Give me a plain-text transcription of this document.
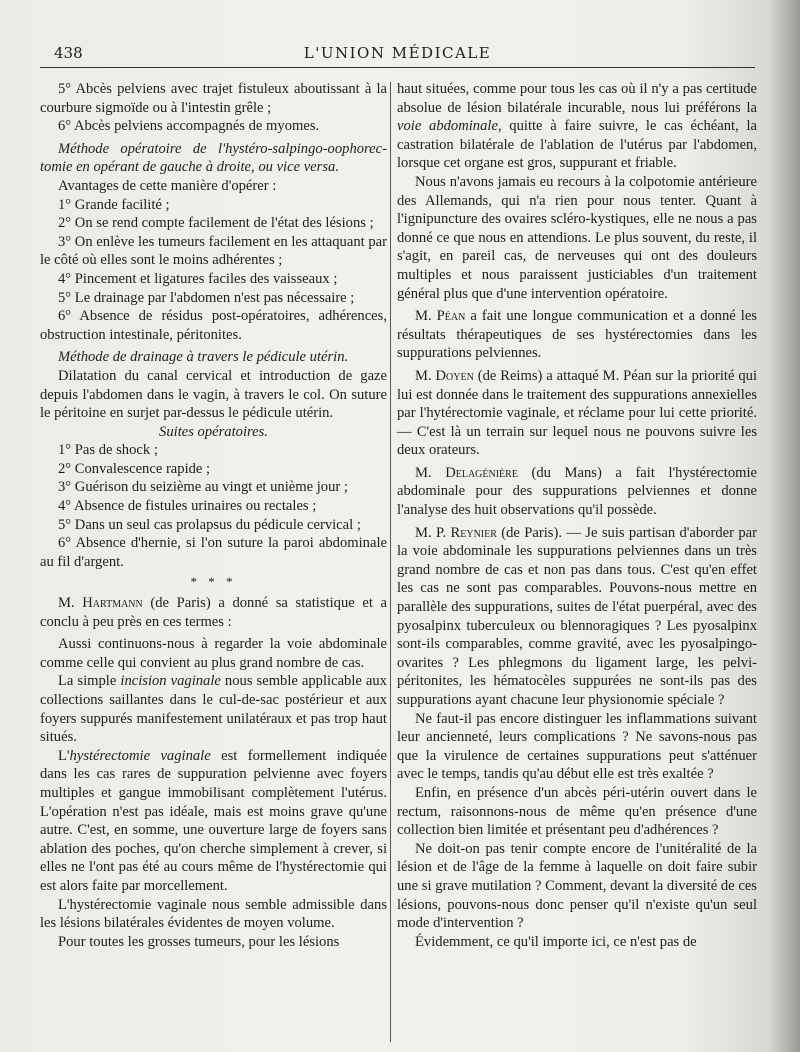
438	L'UNION MÉDICALE

5° Abcès pelviens avec trajet fistuleux aboutissant à la courbure sigmoïde ou à l'intestin grêle ;

6° Abcès pelviens accompagnés de myomes.

Méthode opératoire de l'hystéro-salpingo-oophorec-tomie en opérant de gauche à droite, ou vice versa.

Avantages de cette manière d'opérer :

1° Grande facilité ;

2° On se rend compte facilement de l'état des lésions ;

3° On enlève les tumeurs facilement en les attaquant par le côté où elles sont le moins adhérentes ;

4° Pincement et ligatures faciles des vaisseaux ;

5° Le drainage par l'abdomen n'est pas nécessaire ;

6° Absence de résidus post-opératoires, adhérences, obstruction intestinale, péritonites.

Méthode de drainage à travers le pédicule utérin.

Dilatation du canal cervical et introduction de gaze depuis l'abdomen dans le vagin, à travers le col. On suture le péritoine en surjet par-dessus le pédicule utérin.

Suites opératoires.

1° Pas de shock ;

2° Convalescence rapide ;

3° Guérison du seizième au vingt et unième jour ;

4° Absence de fistules urinaires ou rectales ;

5° Dans un seul cas prolapsus du pédicule cervical ;

6° Absence d'hernie, si l'on suture la paroi abdominale au fil d'argent.

* * *

M. Hartmann (de Paris) a donné sa statistique et a conclu à peu près en ces termes :

Aussi continuons-nous à regarder la voie abdominale comme celle qui convient au plus grand nombre de cas.

La simple incision vaginale nous semble applicable aux collections saillantes dans le cul-de-sac postérieur et aux foyers suppurés manifestement unilatéraux et pas trop haut situés.

L'hystérectomie vaginale est formellement indiquée dans les cas rares de suppuration pelvienne avec foyers multiples et gangue immobilisant complètement l'utérus. L'opération n'est pas idéale, mais est moins grave qu'une autre. C'est, en somme, une ouverture large de foyers sans ablation des poches, qu'on cherche simplement à crever, si elles ne l'ont pas été au cours même de l'hystérectomie qui est alors faite par morcellement.

L'hystérectomie vaginale nous semble admissible dans les lésions bilatérales évidentes de moyen volume.

Pour toutes les grosses tumeurs, pour les lésions

haut situées, comme pour tous les cas où il n'y a pas certitude absolue de lésion bilatérale incurable, nous lui préférons la voie abdominale, quitte à faire suivre, le cas échéant, la castration bilatérale de l'ablation de l'utérus par l'abdomen, lorsque cet organe est gros, suppurant et friable.

Nous n'avons jamais eu recours à la colpotomie antérieure des Allemands, qui n'a rien pour nous tenter. Quant à l'ignipuncture des ovaires scléro-kystiques, elle ne nous a pas donné ce que nous en attendions. Le plus souvent, du reste, il s'agit, en pareil cas, de nerveuses qui ont des douleurs multiples et nous paraissent justiciables d'un traitement général plus que d'une intervention opératoire.

M. Péan a fait une longue communication et a donné les résultats thérapeutiques de ses hystérectomies dans les suppurations pelviennes.

M. Doyen (de Reims) a attaqué M. Péan sur la priorité qui lui est donnée dans le traitement des suppurations annexielles par l'hytérectomie vaginale, et réclame pour lui cette priorité. — C'est là un terrain sur lequel nous ne pouvons suivre les deux orateurs.

M. Delagénière (du Mans) a fait l'hystérectomie abdominale pour des suppurations pelviennes et donne l'analyse des huit observations qu'il possède.

M. P. Reynier (de Paris). — Je suis partisan d'aborder par la voie abdominale les suppurations pelviennes dans un très grand nombre de cas et non pas dans tous. C'est qu'en effet les cas ne sont pas comparables. Pouvons-nous mettre en parallèle des suppurations, suites de l'état puerpéral, avec des pyosalpinx tuberculeux ou blennoragiques ? Les pyosalpinx sont-ils comparables, comme gravité, avec les pyosalpingo-ovarites ? Les phlegmons du ligament large, les pelvi-péritonites, les hématocèles suppurées ne sont-ils pas des suppurations ayant chacune leur physionomie spéciale ?

Ne faut-il pas encore distinguer les inflammations suivant leur ancienneté, leurs complications ? Ne savons-nous pas que la virulence de certaines suppurations peut s'atténuer avec le temps, tandis qu'au début elle est très exaltée ?

Enfin, en présence d'un abcès péri-utérin ouvert dans le rectum, raisonnons-nous de même qu'en présence d'une collection bien limitée et présentant peu d'adhérences ?

Ne doit-on pas tenir compte encore de l'unitéralité de la lésion et de l'âge de la femme à laquelle on doit faire subir une si grave mutilation ? Comment, devant la diversité de ces lésions, pouvons-nous donc penser qu'il n'existe qu'un seul mode d'intervention ?

Évidemment, ce qu'il importe ici, ce n'est pas de
